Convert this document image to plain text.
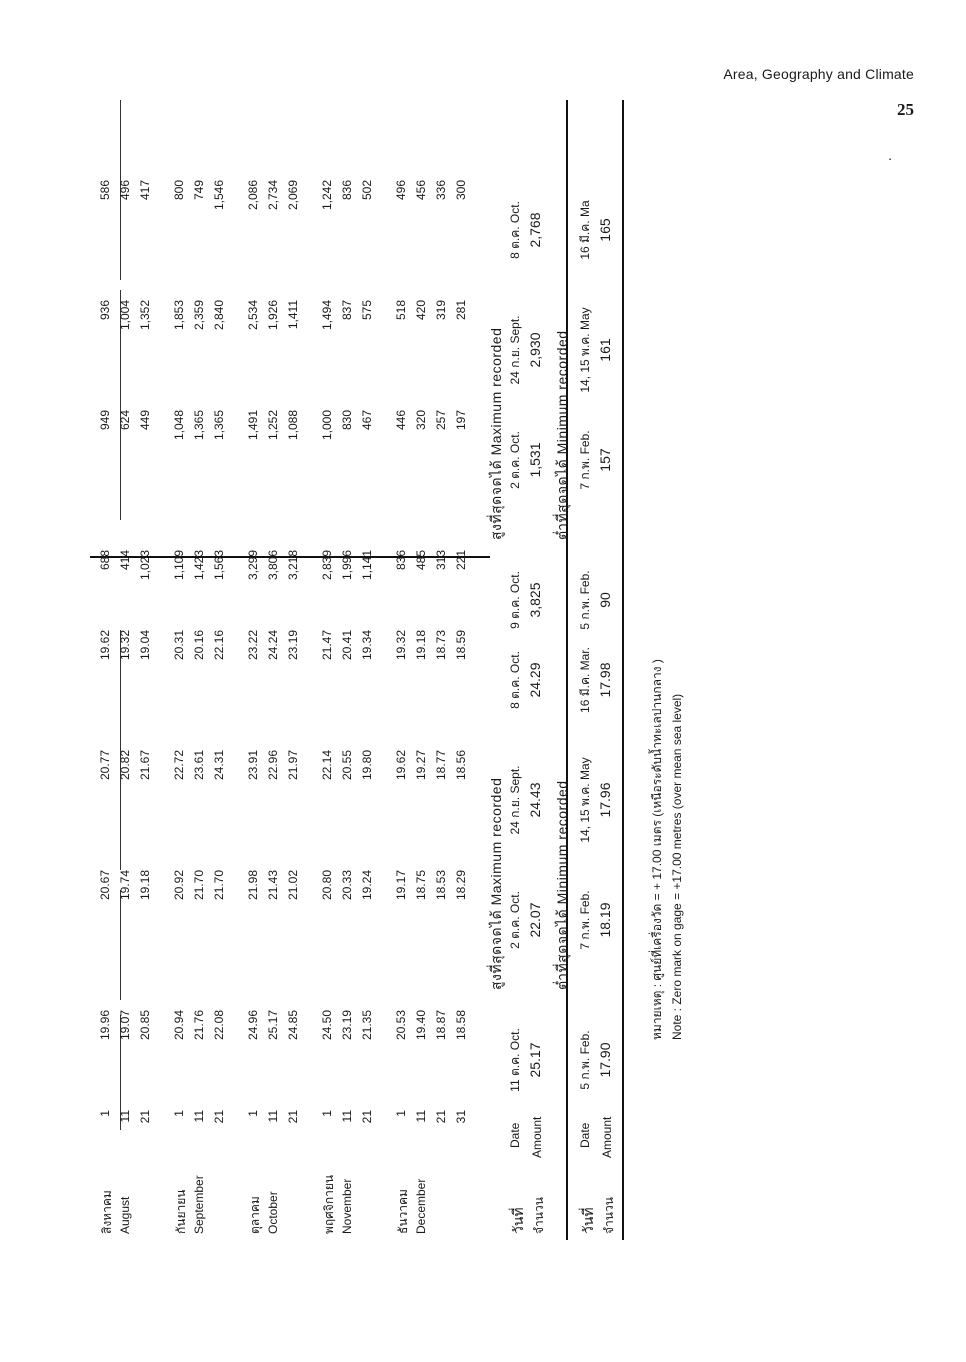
Area, Geography and Climate
25
.
สิงหาคม August
1
19.96
688
20.67
949
20.77
936
19.62
586
11
19.07
414
19.74
624
20.82
1,004
19.32
496
21
20.85
1,023
19.18
449
21.67
1,352
19.04
417
กันยายน September
1
20.94
1,109
20.92
1,048
22.72
1,853
20.31
800
11
21.76
1,423
21.70
1,365
23.61
2,359
20.16
749
21
22.08
1,563
21.70
1,365
24.31
2,840
22.16
1,546
ตุลาคม October
1
24.96
3,299
21.98
1,491
23.91
2,534
23.22
2,086
11
25.17
3,806
21.43
1,252
22.96
1,926
24.24
2,734
21
24.85
3,218
21.02
1,088
21.97
1,411
23.19
2,069
พฤศจิกายน November
1
24.50
2,839
20.80
1,000
22.14
1,494
21.47
1,242
11
23.19
1,996
20.33
830
20.55
837
20.41
836
21
21.35
1,141
19.24
467
19.80
575
19.34
502
ธันวาคม December
1
20.53
836
19.17
446
19.62
518
19.32
496
11
19.40
485
18.75
320
19.27
420
19.18
456
21
18.87
313
18.53
257
18.77
319
18.73
336
31
18.58
221
18.29
197
18.56
281
18.59
300
วันที่ จำนวน
Date Amount
สูงที่สุดจดได้ Maximum recorded
สูงที่สุดจดได้ Maximum recorded
11 ต.ค. Oct. 25.17
9 ต.ค. Oct. 3,825
2 ต.ค. Oct. 22.07
2 ต.ค. Oct. 1,531
24 ก.ย. Sept. 24.43
24 ก.ย. Sept. 2,930
8 ต.ค. Oct. 24.29
8 ต.ค. Oct. 2,768
วันที่ จำนวน
Date Amount
ต่ำที่สุดจดได้ Minimum recorded
ต่ำที่สุดจดได้ Minimum recorded
5 ก.พ. Feb. 17.90
5 ก.พ. Feb. 90
7 ก.พ. Feb. 18.19
7 ก.พ. Feb. 157
14, 15 พ.ค. May 17.96
14, 15 พ.ค. May 161
16 มี.ค. Mar. 17.98
16 มี.ค. Ma 165
หมายเหตุ : ศูนย์ที่เครื่องวัด = + 17.00 เมตร (เหนือระดับน้ำทะเลปานกลาง ) Note : Zero mark on gage = +17.00 metres (over mean sea level)
